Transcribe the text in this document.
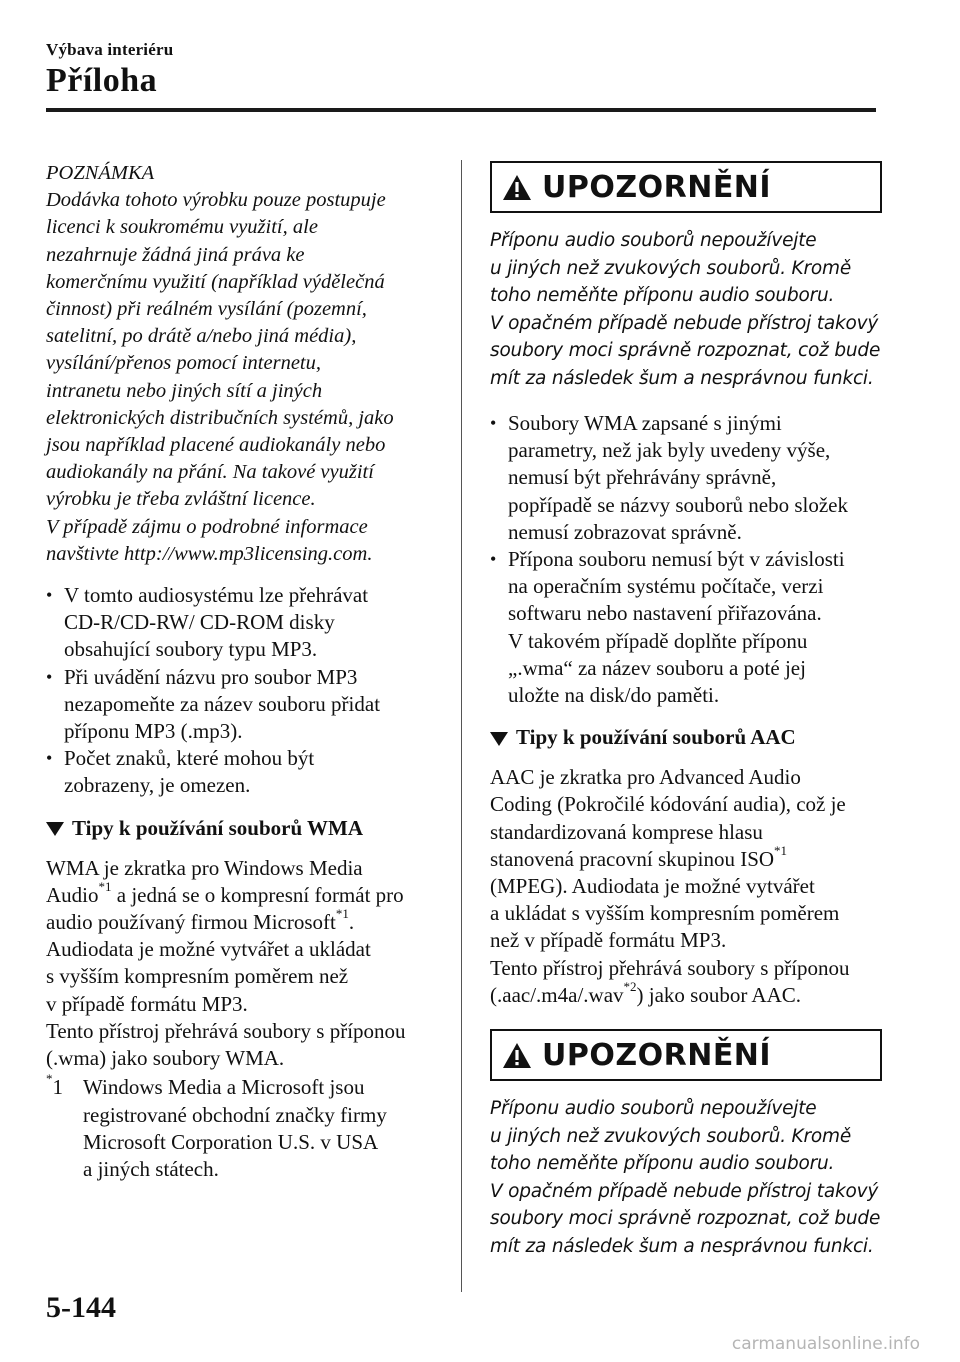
Výbava interiéru
Příloha
POZNÁMKA
Dodávka tohoto výrobku pouze postupuje
licenci k soukromému využití, ale
nezahrnuje žádná jiná práva ke
komerčnímu využití (například výdělečná
činnost) při reálném vysílání (pozemní,
satelitní, po drátě a/nebo jiná média),
vysílání/přenos pomocí internetu,
intranetu nebo jiných sítí a jiných
elektronických distribučních systémů, jako
jsou například placené audiokanály nebo
audiokanály na přání. Na takové využití
výrobku je třeba zvláštní licence.
V případě zájmu o podrobné informace
navštivte http://www.mp3licensing.com.
• V tomto audiosystému lze přehrávat
CD-R/CD-RW/ CD-ROM disky
obsahující soubory typu MP3.
• Při uvádění názvu pro soubor MP3
nezapomeňte za název souboru přidat
příponu MP3 (.mp3).
• Počet znaků, které mohou být
zobrazeny, je omezen.
Tipy k používání souborů WMA
WMA je zkratka pro Windows Media
Audio$^{*1}$ a jedná se o kompresní formát pro
audio používaný firmou Microsoft$^{*1}$.
Audiodata je možné vytvářet a ukládat
s vyšším kompresním poměrem než
v případě formátu MP3.
Tento přístroj přehrává soubory s příponou
(.wma) jako soubory WMA.
*1 Windows Media a Microsoft jsou
registrované obchodní značky firmy
Microsoft Corporation U.S. v USA
a jiných státech.
UPOZORNĚNÍ
Příponu audio souborů nepoužívejte
u jiných než zvukových souborů. Kromě
toho neměňte příponu audio souboru.
V opačném případě nebude přístroj takový
soubory moci správně rozpoznat, což bude
mít za následek šum a nesprávnou funkci.
• Soubory WMA zapsané s jinými
parametry, než jak byly uvedeny výše,
nemusí být přehrávány správně,
popřípadě se názvy souborů nebo složek
nemusí zobrazovat správně.
• Přípona souboru nemusí být v závislosti
na operačním systému počítače, verzi
softwaru nebo nastavení přiřazována.
V takovém případě doplňte příponu
„.wma“ za název souboru a poté jej
uložte na disk/do paměti.
Tipy k používání souborů AAC
AAC je zkratka pro Advanced Audio
Coding (Pokročilé kódování audia), což je
standardizovaná komprese hlasu
stanovená pracovní skupinou ISO$^{*1}$
(MPEG). Audiodata je možné vytvářet
a ukládat s vyšším kompresním poměrem
než v případě formátu MP3.
Tento přístroj přehrává soubory s příponou
(.aac/.m4a/.wav$^{*2}$) jako soubor AAC.
UPOZORNĚNÍ
Příponu audio souborů nepoužívejte
u jiných než zvukových souborů. Kromě
toho neměňte příponu audio souboru.
V opačném případě nebude přístroj takový
soubory moci správně rozpoznat, což bude
mít za následek šum a nesprávnou funkci.
5-144
carmanualsonline.info
